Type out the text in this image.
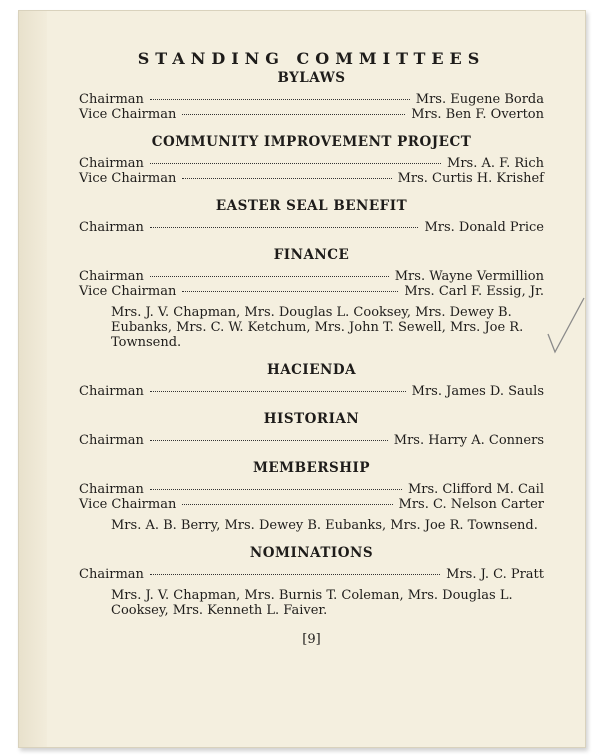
STANDING COMMITTEES
BYLAWS
Chairman	Mrs. Eugene Borda
Vice Chairman	Mrs. Ben F. Overton
COMMUNITY IMPROVEMENT PROJECT
Chairman	Mrs. A. F. Rich
Vice Chairman	Mrs. Curtis H. Krishef
EASTER SEAL BENEFIT
Chairman	Mrs. Donald Price
FINANCE
Chairman	Mrs. Wayne Vermillion
Vice Chairman	Mrs. Carl F. Essig, Jr.
Mrs. J. V. Chapman, Mrs. Douglas L. Cooksey, Mrs. Dewey B. Eubanks, Mrs. C. W. Ketchum, Mrs. John T. Sewell, Mrs. Joe R. Townsend.
HACIENDA
Chairman	Mrs. James D. Sauls
HISTORIAN
Chairman	Mrs. Harry A. Conners
MEMBERSHIP
Chairman	Mrs. Clifford M. Cail
Vice Chairman	Mrs. C. Nelson Carter
Mrs. A. B. Berry, Mrs. Dewey B. Eubanks, Mrs. Joe R. Townsend.
NOMINATIONS
Chairman	Mrs. J. C. Pratt
Mrs. J. V. Chapman, Mrs. Burnis T. Coleman, Mrs. Douglas L. Cooksey, Mrs. Kenneth L. Faiver.
[9]
